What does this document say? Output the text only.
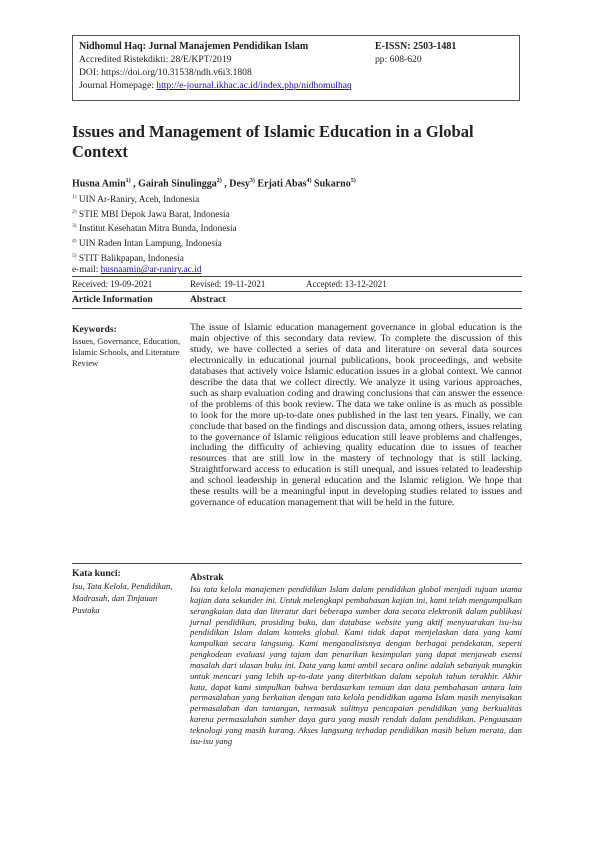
Nidhomul Haq: Jurnal Manajemen Pendidikan Islam	E-ISSN: 2503-1481
Accredited Ristekdikti: 28/E/KPT/2019	pp: 608-620
DOI: https://doi.org/10.31538/ndh.v6i3.1808
Journal Homepage: http://e-journal.ikhac.ac.id/index.php/nidhomulhaq
Issues and Management of Islamic Education in a Global Context
Husna Amin$^{1)}$ , Gairah Sinulingga$^{2)}$ , Desy$^{3)}$ Erjati Abas$^{4)}$ Sukarno$^{5)}$
$^{1)}$ UIN Ar-Raniry, Aceh, Indonesia
$^{2)}$ STIE MBI Depok Jawa Barat, Indonesia
$^{3)}$ Institut Kesehatan Mitra Bunda, Indonesia
$^{4)}$ UIN Raden Intan Lampung, Indonesia
$^{5)}$ STIT Balikpapan, Indonesia
e-mail: husnaamin@ar-raniry.ac.id
Received: 19-09-2021	Revised: 19-11-2021	Accepted: 13-12-2021
Article Information	Abstract
Keywords:
Issues, Governance, Education, Islamic Schools, and Literature Review
The issue of Islamic education management governance in global education is the main objective of this secondary data review. To complete the discussion of this study, we have collected a series of data and literature on several data sources electronically in educational journal publications, book proceedings, and website databases that actively voice Islamic education issues in a global context. We cannot describe the data that we collect directly. We analyze it using various approaches, such as sharp evaluation coding and drawing conclusions that can answer the essence of the problems of this book review. The data we take online is as much as possible to look for the more up-to-date ones published in the last ten years. Finally, we can conclude that based on the findings and discussion data, among others, issues relating to the governance of Islamic religious education still leave problems and challenges, including the difficulty of achieving quality education due to issues of teacher resources that are still low in the mastery of technology that is still lacking. Straightforward access to education is still unequal, and issues related to leadership and school leadership in general education and the Islamic religion. We hope that these results will be a meaningful input in developing studies related to issues and governance of education management that will be held in the future.
Kata kunci:
Isu, Tata Kelola, Pendidikan, Madrasah, dan Tinjauan Pustaka
Abstrak
Isu tata kelola manajemen pendidikan Islam dalam pendidikan global menjadi tujuan utama kajian data sekunder ini. Untuk melengkapi pembahasan kajian ini, kami telah mengumpulkan serangkaian data dan literatur dari beberapa sumber data secara elektronik dalam publikasi jurnal pendidikan, prosiding buku, dan database website yang aktif menyuarakan isu-isu pendidikan Islam dalam konteks global. Kami tidak dapat menjelaskan data yang kami kumpulkan secara langsung. Kami menganalisisnya dengan berbagai pendekatan, seperti pengkodean evaluasi yang tajam dan penarikan kesimpulan yang dapat menjawab esensi masalah dari ulasan buku ini. Data yang kami ambil secara online adalah sebanyak mungkin untuk mencari yang lebih up-to-date yang diterbitkan dalam sepuluh tahun terakhir. Akhir kata, dapat kami simpulkan bahwa berdasarkan temuan dan data pembahasan antara lain permasalahan yang berkaitan dengan tata kelola pendidikan agama Islam masih menyisakan permasalahan dan tantangan, termasuk sulitnya pencapaian pendidikan yang berkualitas karena permasalahan sumber daya guru yang masih rendah dalam pendidikan. Penguasaan teknologi yang masih kurang. Akses langsung terhadap pendidikan masih belum merata, dan isu-isu yang
